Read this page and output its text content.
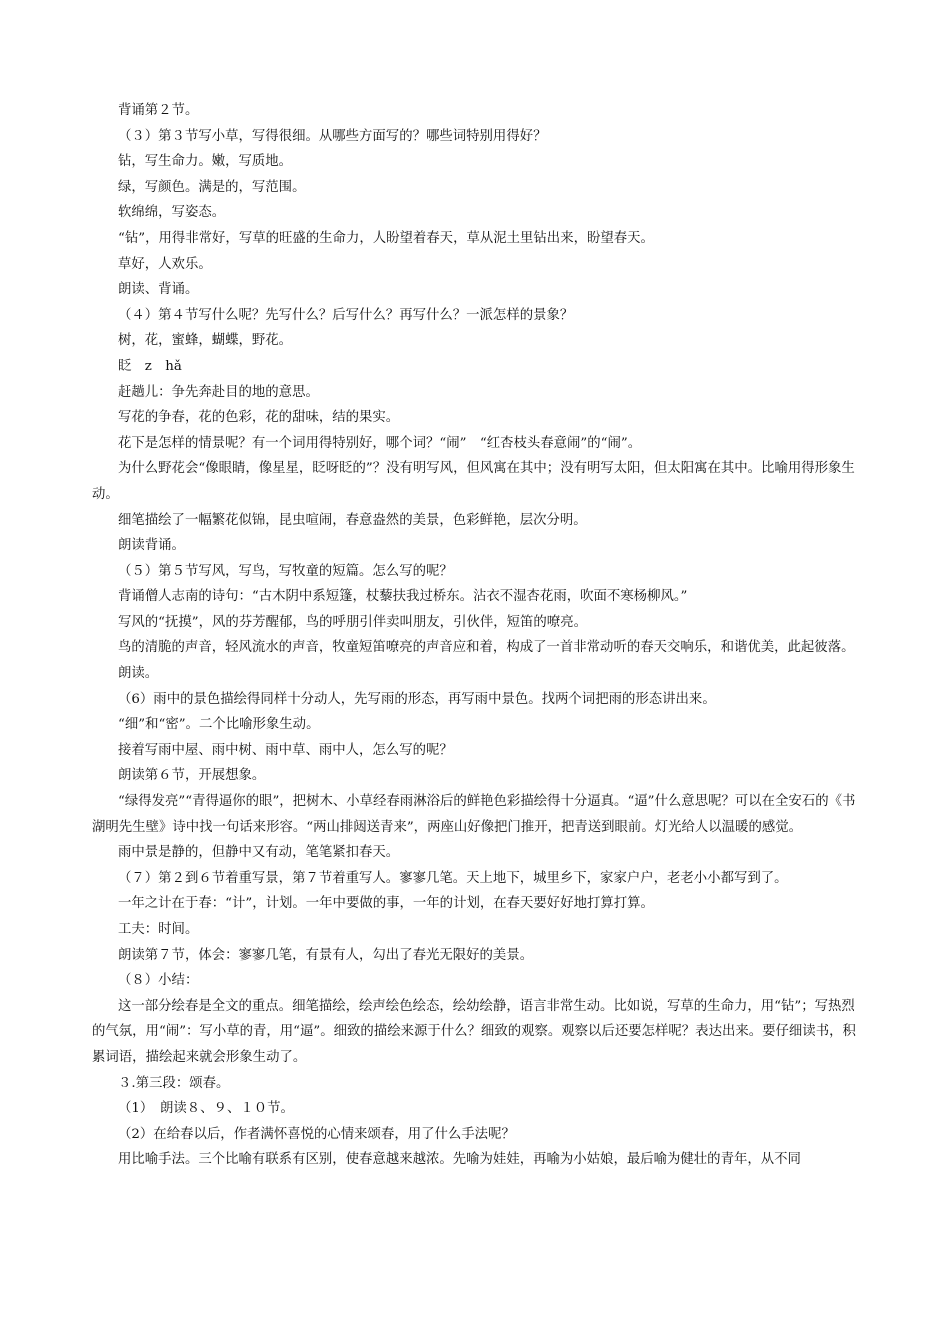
背诵第２节。

（３）第３节写小草，写得很细。从哪些方面写的？哪些词特别用得好？

钻，写生命力。嫩，写质地。

绿，写颜色。满是的，写范围。

软绵绵，写姿态。

“钻”，用得非常好，写草的旺盛的生命力，人盼望着春天，草从泥土里钻出来，盼望春天。

草好，人欢乐。

朗读、背诵。

（４）第４节写什么呢？先写什么？后写什么？再写什么？一派怎样的景象？

树，花，蜜蜂，蝴蝶，野花。

眨　z　hǎ

赶趟儿：争先奔赴目的地的意思。

写花的争春，花的色彩，花的甜味，结的果实。

花下是怎样的情景呢？有一个词用得特别好，哪个词？“闹”　“红杏枝头春意闹”的“闹”。

为什么野花会“像眼睛，像星星，眨呀眨的”？没有明写风，但风寓在其中；没有明写太阳，但太阳寓在其中。比喻用得形象生动。

细笔描绘了一幅繁花似锦，昆虫喧闹，春意盎然的美景，色彩鲜艳，层次分明。

朗读背诵。

（５）第５节写风，写鸟，写牧童的短篇。怎么写的呢？

背诵僧人志南的诗句：“古木阴中系短篷，杖藜扶我过桥东。沾衣不湿杏花雨，吹面不寒杨柳风。”

写风的“抚摸”，风的芬芳醒郁，鸟的呼朋引伴卖叫朋友，引伙伴，短笛的嘹亮。

鸟的清脆的声音，轻风流水的声音，牧童短笛嘹亮的声音应和着，构成了一首非常动听的春天交响乐，和谐优美，此起彼落。

朗读。

（6）雨中的景色描绘得同样十分动人，先写雨的形态，再写雨中景色。找两个词把雨的形态讲出来。

“细”和“密”。二个比喻形象生动。

接着写雨中屋、雨中树、雨中草、雨中人，怎么写的呢？

朗读第６节，开展想象。

“绿得发亮”“青得逼你的眼”，把树木、小草经春雨淋浴后的鲜艳色彩描绘得十分逼真。“逼”什么意思呢？可以在全安石的《书湖明先生壁》诗中找一句话来形容。“两山排闼送青来”，两座山好像把门推开，把青送到眼前。灯光给人以温暖的感觉。

雨中景是静的，但静中又有动，笔笔紧扣春天。

（７）第２到６节着重写景，第７节着重写人。寥寥几笔。天上地下，城里乡下，家家户户，老老小小都写到了。

一年之计在于春：“计”，计划。一年中要做的事，一年的计划，在春天要好好地打算打算。

工夫：时间。

朗读第７节，体会：寥寥几笔，有景有人，勾出了春光无限好的美景。

（８）小结：

这一部分绘春是全文的重点。细笔描绘，绘声绘色绘态，绘幼绘静，语言非常生动。比如说，写草的生命力，用“钻”；写热烈的气氛，用“闹”：写小草的青，用“逼”。细致的描绘来源于什么？细致的观察。观察以后还要怎样呢？表达出来。要仔细读书，积累词语，描绘起来就会形象生动了。

３.第三段：颂春。

（1）　朗读８、９、１０节。

（2）在给春以后，作者满怀喜悦的心情来颂春，用了什么手法呢？

用比喻手法。三个比喻有联系有区别，使春意越来越浓。先喻为娃娃，再喻为小姑娘，最后喻为健壮的青年，从不同
